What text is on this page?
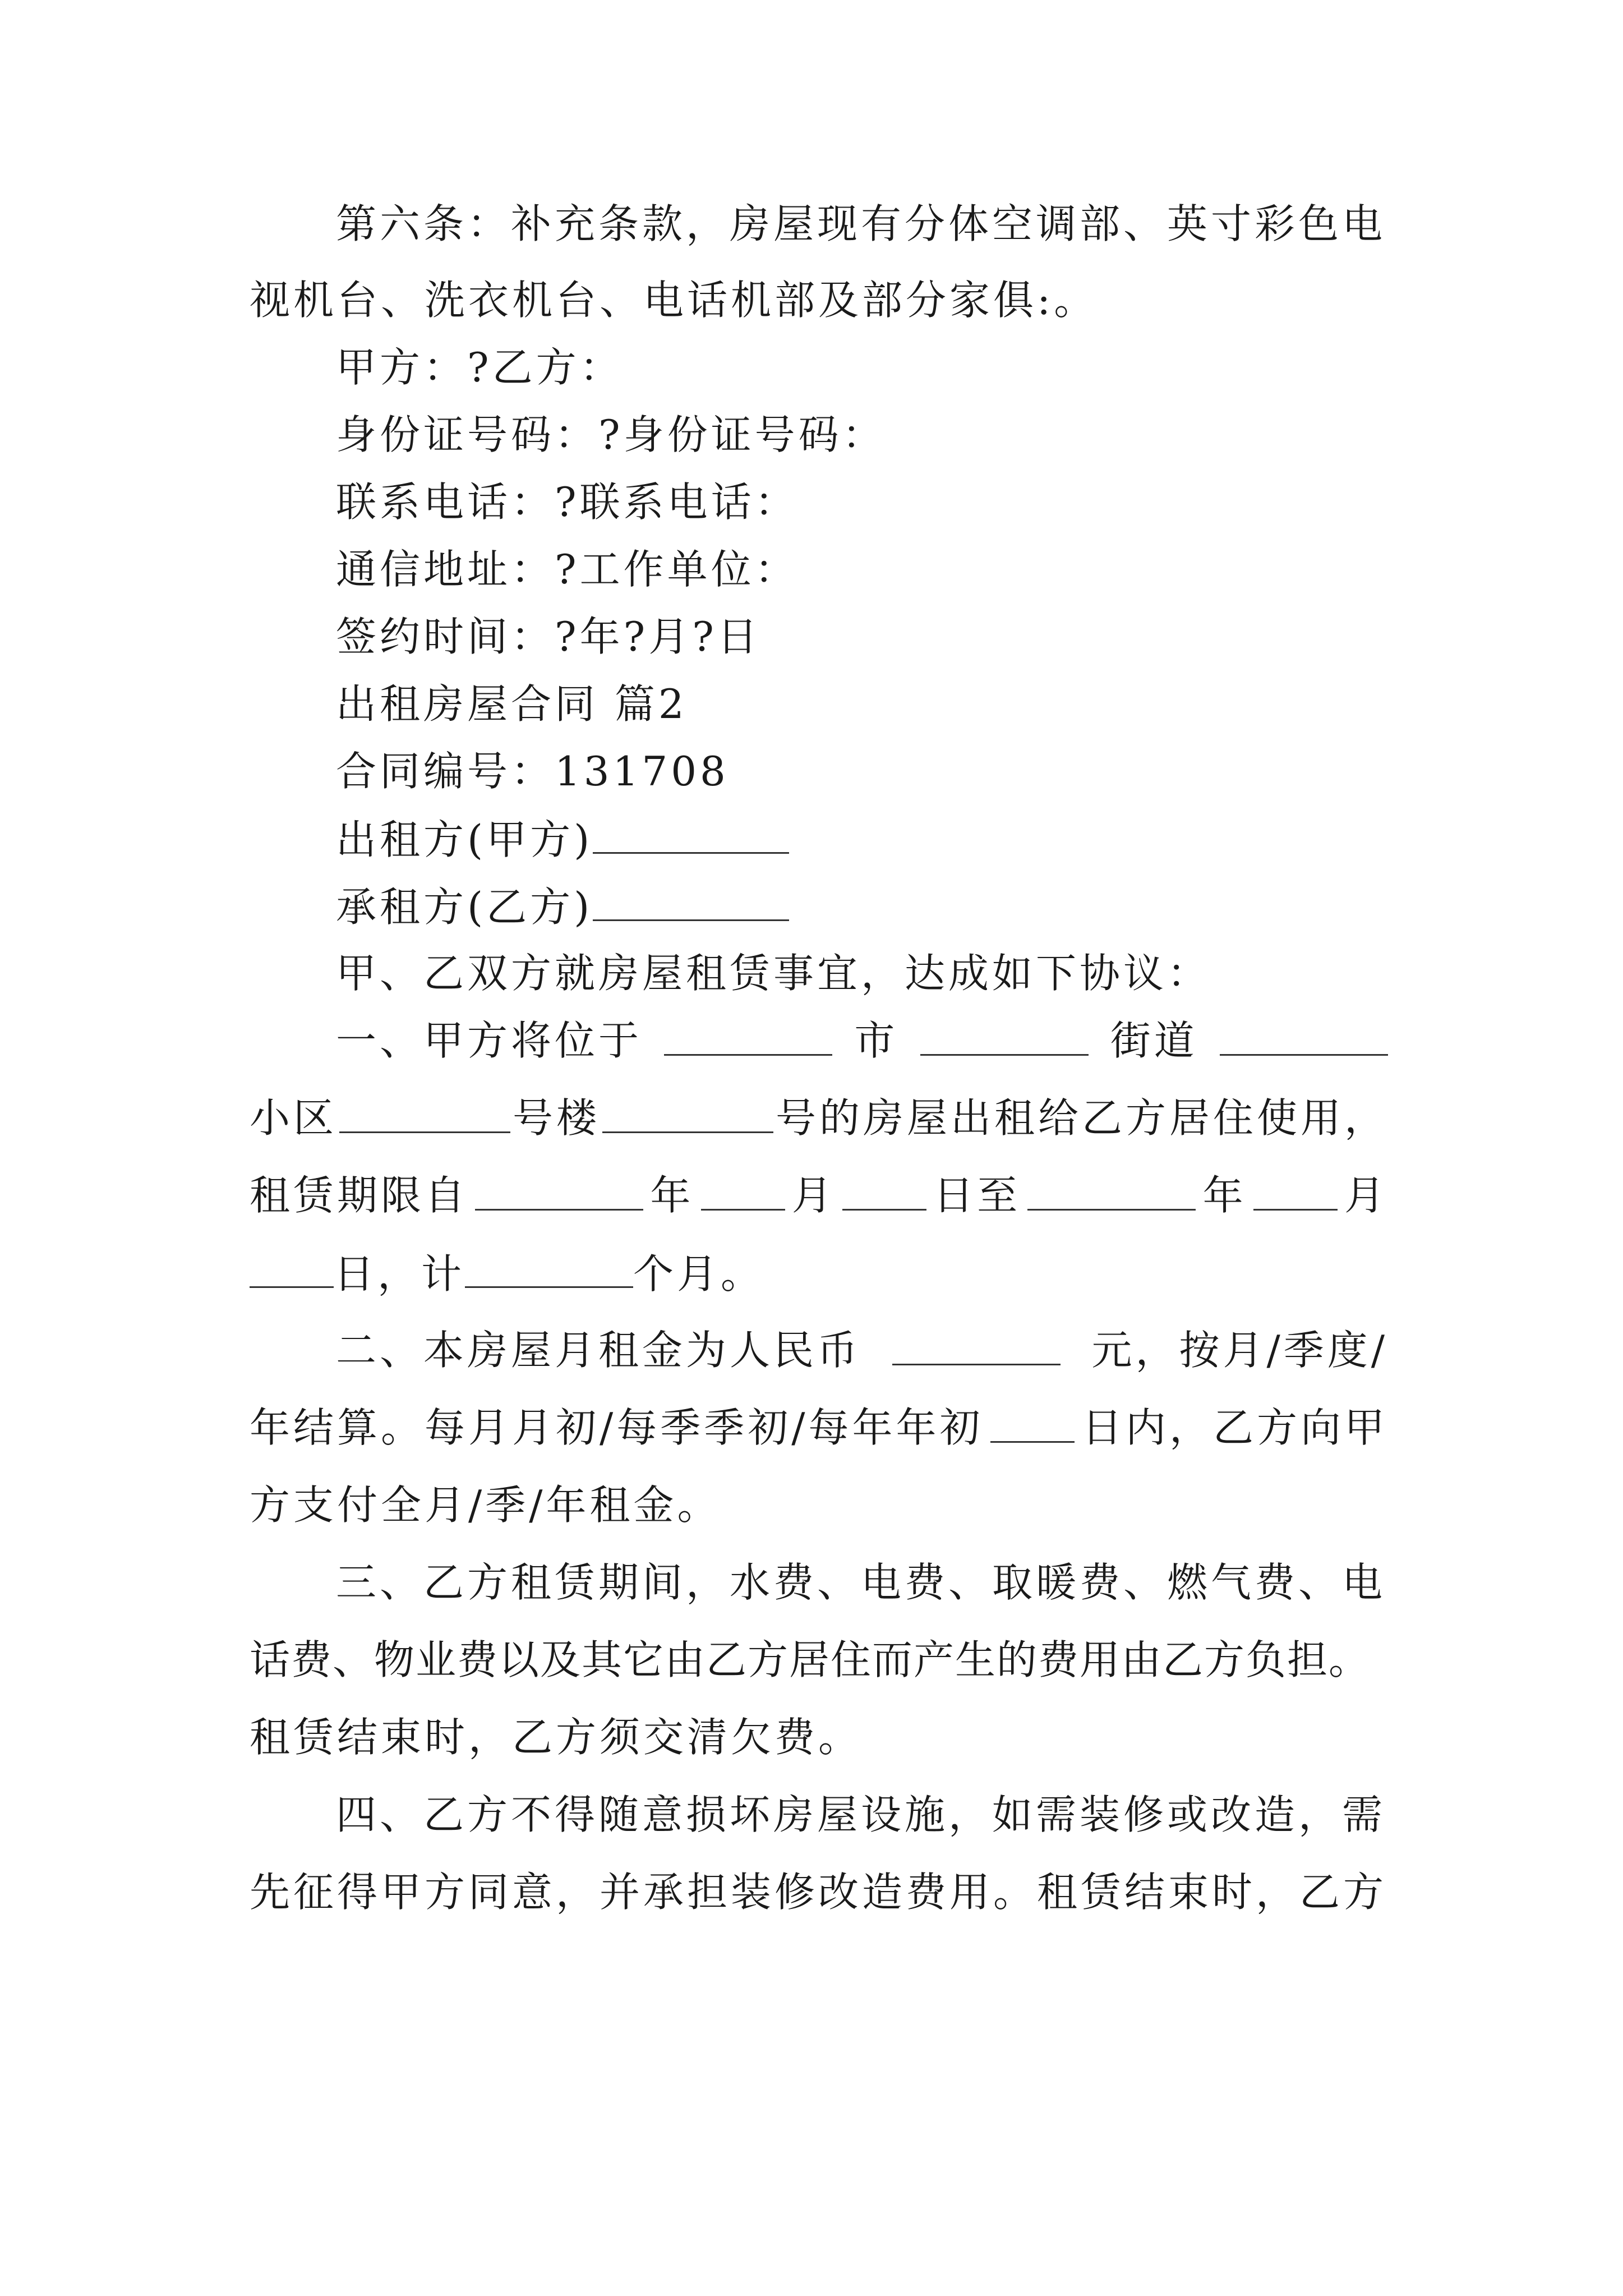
第六条：补充条款，房屋现有分体空调部、英寸彩色电
视机台、洗衣机台、电话机部及部分家俱:。
甲方：?乙方：
身份证号码：?身份证号码：
联系电话：?联系电话：
通信地址：?工作单位：
签约时间：?年?月?日
出租房屋合同 篇2
合同编号：131708
出租方(甲方)
承租方(乙方)
甲、乙双方就房屋租赁事宜，达成如下协议：
一、甲方将位于	市	街道
小区	号楼	号的房屋出租给乙方居住使用，
租赁期限自	年 月 日至	年 月
日，计	个月。
二、本房屋月租金为人民币	元，按月/季度/
年结算。每月月初/每季季初/每年年初 日内，乙方向甲
方支付全月/季/年租金。
三、乙方租赁期间，水费、电费、取暖费、燃气费、电
话费、物业费以及其它由乙方居住而产生的费用由乙方负担。
租赁结束时，乙方须交清欠费。
四、乙方不得随意损坏房屋设施，如需装修或改造，需
先征得甲方同意，并承担装修改造费用。租赁结束时，乙方
